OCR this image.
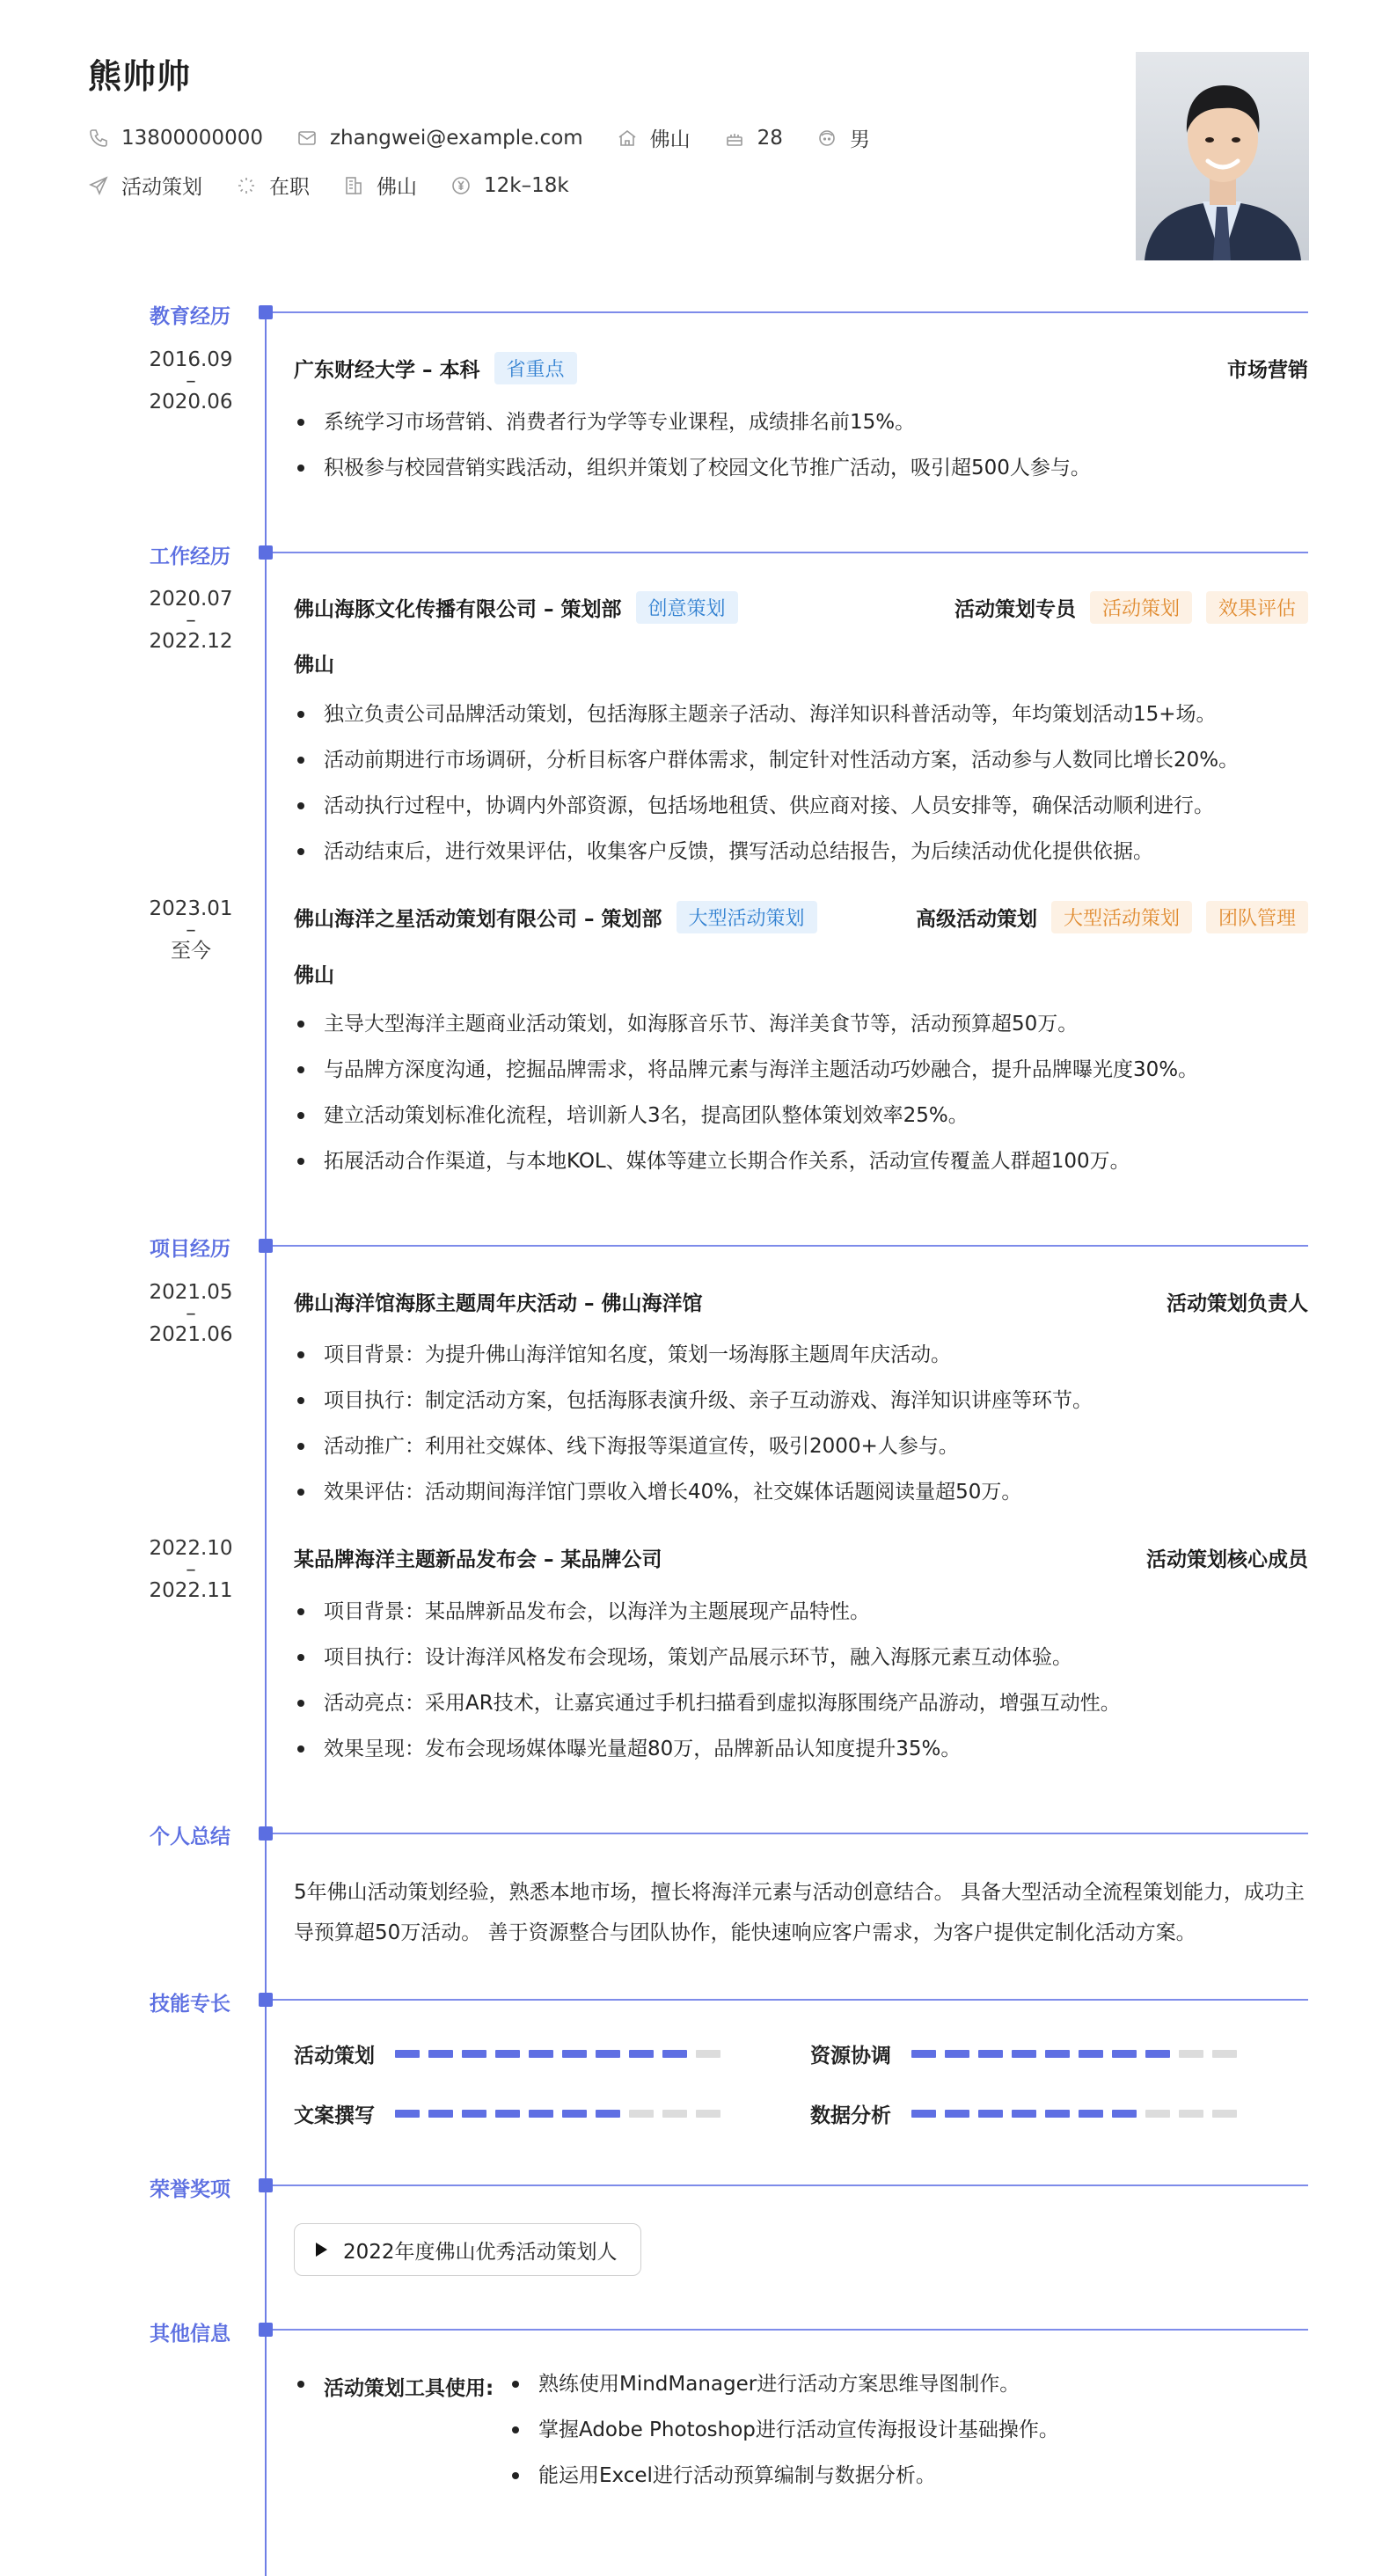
熊帅帅
13800000000	zhangwei@example.com	佛山	28	男
活动策划	在职	佛山	12k–18k
教育经历
2016.09
–
2020.06
广东财经大学 – 本科	省重点	市场营销
系统学习市场营销、消费者行为学等专业课程，成绩排名前15%。
积极参与校园营销实践活动，组织并策划了校园文化节推广活动，吸引超500人参与。
工作经历
2020.07
–
2022.12
佛山海豚文化传播有限公司 – 策划部	创意策划	活动策划专员	活动策划	效果评估
佛山
独立负责公司品牌活动策划，包括海豚主题亲子活动、海洋知识科普活动等，年均策划活动15+场。
活动前期进行市场调研，分析目标客户群体需求，制定针对性活动方案，活动参与人数同比增长20%。
活动执行过程中，协调内外部资源，包括场地租赁、供应商对接、人员安排等，确保活动顺利进行。
活动结束后，进行效果评估，收集客户反馈，撰写活动总结报告，为后续活动优化提供依据。
2023.01
–
至今
佛山海洋之星活动策划有限公司 – 策划部	大型活动策划	高级活动策划	大型活动策划	团队管理
佛山
主导大型海洋主题商业活动策划，如海豚音乐节、海洋美食节等，活动预算超50万。
与品牌方深度沟通，挖掘品牌需求，将品牌元素与海洋主题活动巧妙融合，提升品牌曝光度30%。
建立活动策划标准化流程，培训新人3名，提高团队整体策划效率25%。
拓展活动合作渠道，与本地KOL、媒体等建立长期合作关系，活动宣传覆盖人群超100万。
项目经历
2021.05
–
2021.06
佛山海洋馆海豚主题周年庆活动 – 佛山海洋馆	活动策划负责人
项目背景：为提升佛山海洋馆知名度，策划一场海豚主题周年庆活动。
项目执行：制定活动方案，包括海豚表演升级、亲子互动游戏、海洋知识讲座等环节。
活动推广：利用社交媒体、线下海报等渠道宣传，吸引2000+人参与。
效果评估：活动期间海洋馆门票收入增长40%，社交媒体话题阅读量超50万。
2022.10
–
2022.11
某品牌海洋主题新品发布会 – 某品牌公司	活动策划核心成员
项目背景：某品牌新品发布会，以海洋为主题展现产品特性。
项目执行：设计海洋风格发布会现场，策划产品展示环节，融入海豚元素互动体验。
活动亮点：采用AR技术，让嘉宾通过手机扫描看到虚拟海豚围绕产品游动，增强互动性。
效果呈现：发布会现场媒体曝光量超80万，品牌新品认知度提升35%。
个人总结
5年佛山活动策划经验，熟悉本地市场，擅长将海洋元素与活动创意结合。 具备大型活动全流程策划能力，成功主导预算超50万活动。 善于资源整合与团队协作，能快速响应客户需求，为客户提供定制化活动方案。
技能专长
活动策划	资源协调
文案撰写	数据分析
荣誉奖项
2022年度佛山优秀活动策划人
其他信息
活动策划工具使用:	熟练使用MindManager进行活动方案思维导图制作。
掌握Adobe Photoshop进行活动宣传海报设计基础操作。
能运用Excel进行活动预算编制与数据分析。
